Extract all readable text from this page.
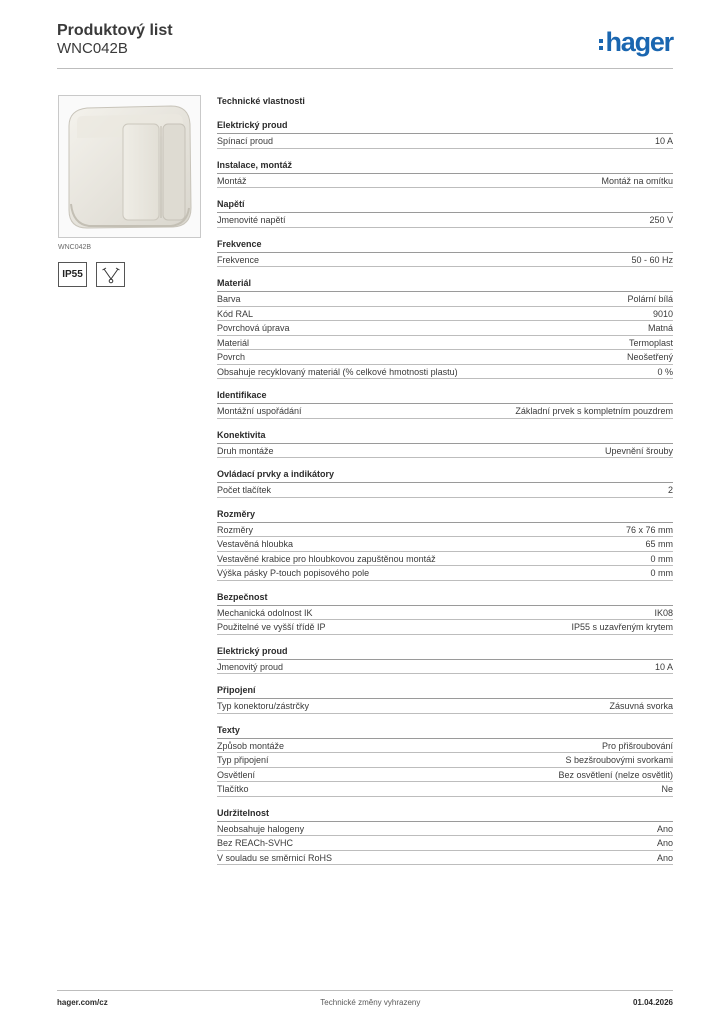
Produktový list
WNC042B	hager
WNC042B
IP55
Technické vlastnosti
Elektrický proud
Spínací proud	10 A
Instalace, montáž
Montáž	Montáž na omítku
Napětí
Jmenovité napětí	250 V
Frekvence
Frekvence	50 - 60 Hz
Materiál
Barva	Polární bílá
Kód RAL	9010
Povrchová úprava	Matná
Materiál	Termoplast
Povrch	Neošetřený
Obsahuje recyklovaný materiál (% celkové hmotnosti plastu)	0 %
Identifikace
Montážní uspořádání	Základní prvek s kompletním pouzdrem
Konektivita
Druh montáže	Upevnění šrouby
Ovládací prvky a indikátory
Počet tlačítek	2
Rozměry
Rozměry	76 x 76 mm
Vestavěná hloubka	65 mm
Vestavěné krabice pro hloubkovou zapuštěnou montáž	0 mm
Výška pásky P-touch popisového pole	0 mm
Bezpečnost
Mechanická odolnost IK	IK08
Použitelné ve vyšší třídě IP	IP55 s uzavřeným krytem
Elektrický proud
Jmenovitý proud	10 A
Připojení
Typ konektoru/zástrčky	Zásuvná svorka
Texty
Způsob montáže	Pro přišroubování
Typ připojení	S bezšroubovými svorkami
Osvětlení	Bez osvětlení (nelze osvětlit)
Tlačítko	Ne
Udržitelnost
Neobsahuje halogeny	Ano
Bez REACh-SVHC	Ano
V souladu se směrnicí RoHS	Ano
hager.com/cz	Technické změny vyhrazeny	01.04.2026
